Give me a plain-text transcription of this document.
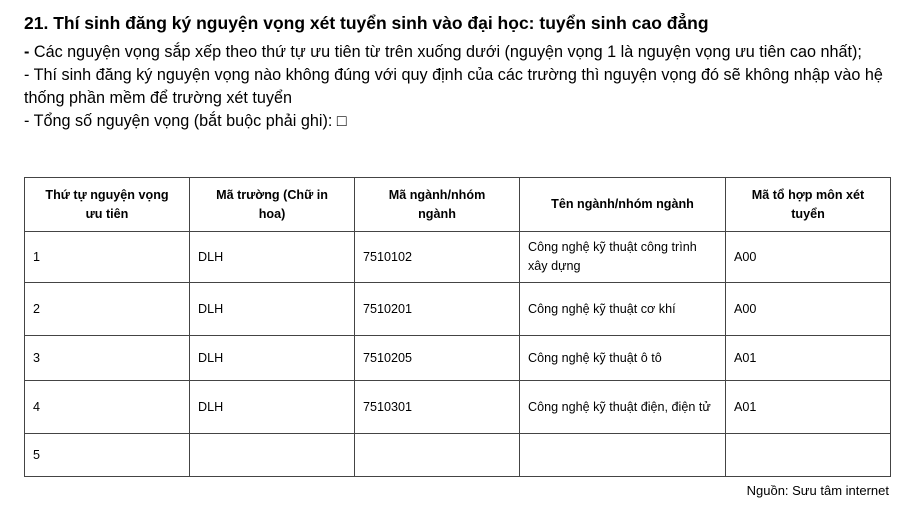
21. Thí sinh đăng ký nguyện vọng xét tuyển sinh vào đại học: tuyển sinh cao đẳng

- Các nguyện vọng sắp xếp theo thứ tự ưu tiên từ trên xuống dưới (nguyện vọng 1 là nguyện vọng ưu tiên cao nhất);

- Thí sinh đăng ký nguyện vọng nào không đúng với quy định của các trường thì nguyện vọng đó sẽ không nhập vào hệ thống phần mềm để trường xét tuyển

- Tổng số nguyện vọng (bắt buộc phải ghi): □

Thứ tự nguyện vọng ưu tiên	Mã trường (Chữ in hoa)	Mã ngành/nhóm ngành	Tên ngành/nhóm ngành	Mã tổ hợp môn xét tuyển
1	DLH	7510102	Công nghệ kỹ thuật công trình xây dựng	A00
2	DLH	7510201	Công nghệ kỹ thuật cơ khí	A00
3	DLH	7510205	Công nghệ kỹ thuật ô tô	A01
4	DLH	7510301	Công nghệ kỹ thuật điện, điện tử	A01
5				
Nguồn: Sưu tâm internet
